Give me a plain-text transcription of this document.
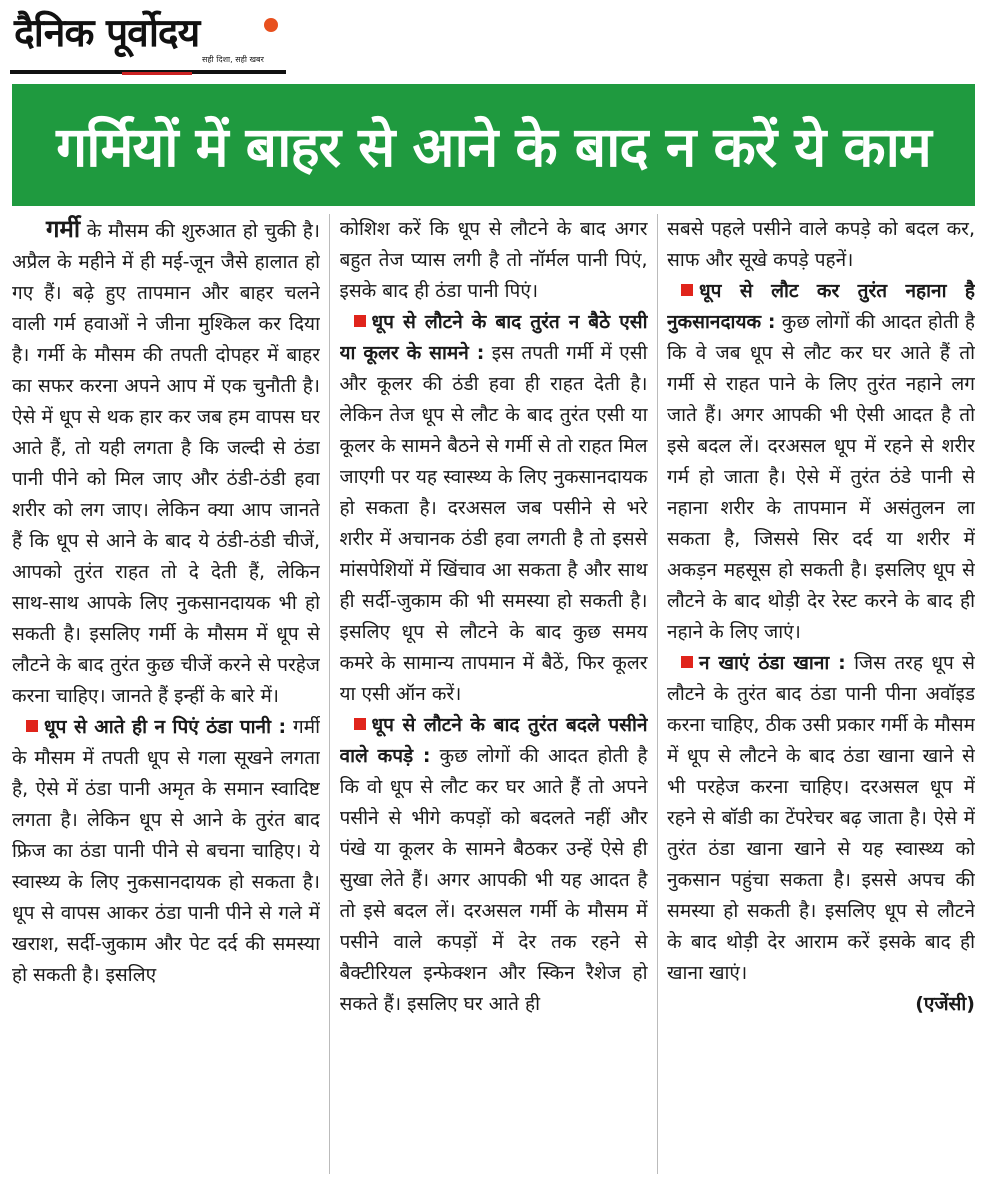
दैनिक पूर्वोदय
सही दिशा, सही खबर
गर्मियों में बाहर से आने के बाद न करें ये काम

गर्मी के मौसम की शुरुआत हो चुकी है। अप्रैल के महीने में ही मई-जून जैसे हालात हो गए हैं। बढ़े हुए तापमान और बाहर चलने वाली गर्म हवाओं ने जीना मुश्किल कर दिया है। गर्मी के मौसम की तपती दोपहर में बाहर का सफर करना अपने आप में एक चुनौती है। ऐसे में धूप से थक हार कर जब हम वापस घर आते हैं, तो यही लगता है कि जल्दी से ठंडा पानी पीने को मिल जाए और ठंडी-ठंडी हवा शरीर को लग जाए। लेकिन क्या आप जानते हैं कि धूप से आने के बाद ये ठंडी-ठंडी चीजें, आपको तुरंत राहत तो दे देती हैं, लेकिन साथ-साथ आपके लिए नुकसानदायक भी हो सकती है। इसलिए गर्मी के मौसम में धूप से लौटने के बाद तुरंत कुछ चीजें करने से परहेज करना चाहिए। जानते हैं इन्हीं के बारे में।

धूप से आते ही न पिएं ठंडा पानी : गर्मी के मौसम में तपती धूप से गला सूखने लगता है, ऐसे में ठंडा पानी अमृत के समान स्वादिष्ट लगता है। लेकिन धूप से आने के तुरंत बाद फ्रिज का ठंडा पानी पीने से बचना चाहिए। ये स्वास्थ्य के लिए नुकसानदायक हो सकता है। धूप से वापस आकर ठंडा पानी पीने से गले में खराश, सर्दी-जुकाम और पेट दर्द की समस्या हो सकती है। इसलिए

कोशिश करें कि धूप से लौटने के बाद अगर बहुत तेज प्यास लगी है तो नॉर्मल पानी पिएं, इसके बाद ही ठंडा पानी पिएं।

धूप से लौटने के बाद तुरंत न बैठे एसी या कूलर के सामने : इस तपती गर्मी में एसी और कूलर की ठंडी हवा ही राहत देती है। लेकिन तेज धूप से लौट के बाद तुरंत एसी या कूलर के सामने बैठने से गर्मी से तो राहत मिल जाएगी पर यह स्वास्थ्य के लिए नुकसानदायक हो सकता है। दरअसल जब पसीने से भरे शरीर में अचानक ठंडी हवा लगती है तो इससे मांसपेशियों में खिंचाव आ सकता है और साथ ही सर्दी-जुकाम की भी समस्या हो सकती है। इसलिए धूप से लौटने के बाद कुछ समय कमरे के सामान्य तापमान में बैठें, फिर कूलर या एसी ऑन करें।

धूप से लौटने के बाद तुरंत बदले पसीने वाले कपड़े : कुछ लोगों की आदत होती है कि वो धूप से लौट कर घर आते हैं तो अपने पसीने से भीगे कपड़ों को बदलते नहीं और पंखे या कूलर के सामने बैठकर उन्हें ऐसे ही सुखा लेते हैं। अगर आपकी भी यह आदत है तो इसे बदल लें। दरअसल गर्मी के मौसम में पसीने वाले कपड़ों में देर तक रहने से बैक्टीरियल इन्फेक्शन और स्किन रैशेज हो सकते हैं। इसलिए घर आते ही

सबसे पहले पसीने वाले कपड़े को बदल कर, साफ और सूखे कपड़े पहनें।

धूप से लौट कर तुरंत नहाना है नुकसानदायक : कुछ लोगों की आदत होती है कि वे जब धूप से लौट कर घर आते हैं तो गर्मी से राहत पाने के लिए तुरंत नहाने लग जाते हैं। अगर आपकी भी ऐसी आदत है तो इसे बदल लें। दरअसल धूप में रहने से शरीर गर्म हो जाता है। ऐसे में तुरंत ठंडे पानी से नहाना शरीर के तापमान में असंतुलन ला सकता है, जिससे सिर दर्द या शरीर में अकड़न महसूस हो सकती है। इसलिए धूप से लौटने के बाद थोड़ी देर रेस्ट करने के बाद ही नहाने के लिए जाएं।

न खाएं ठंडा खाना : जिस तरह धूप से लौटने के तुरंत बाद ठंडा पानी पीना अवॉइड करना चाहिए, ठीक उसी प्रकार गर्मी के मौसम में धूप से लौटने के बाद ठंडा खाना खाने से भी परहेज करना चाहिए। दरअसल धूप में रहने से बॉडी का टेंपरेचर बढ़ जाता है। ऐसे में तुरंत ठंडा खाना खाने से यह स्वास्थ्य को नुकसान पहुंचा सकता है। इससे अपच की समस्या हो सकती है। इसलिए धूप से लौटने के बाद थोड़ी देर आराम करें इसके बाद ही खाना खाएं।

(एजेंसी)
